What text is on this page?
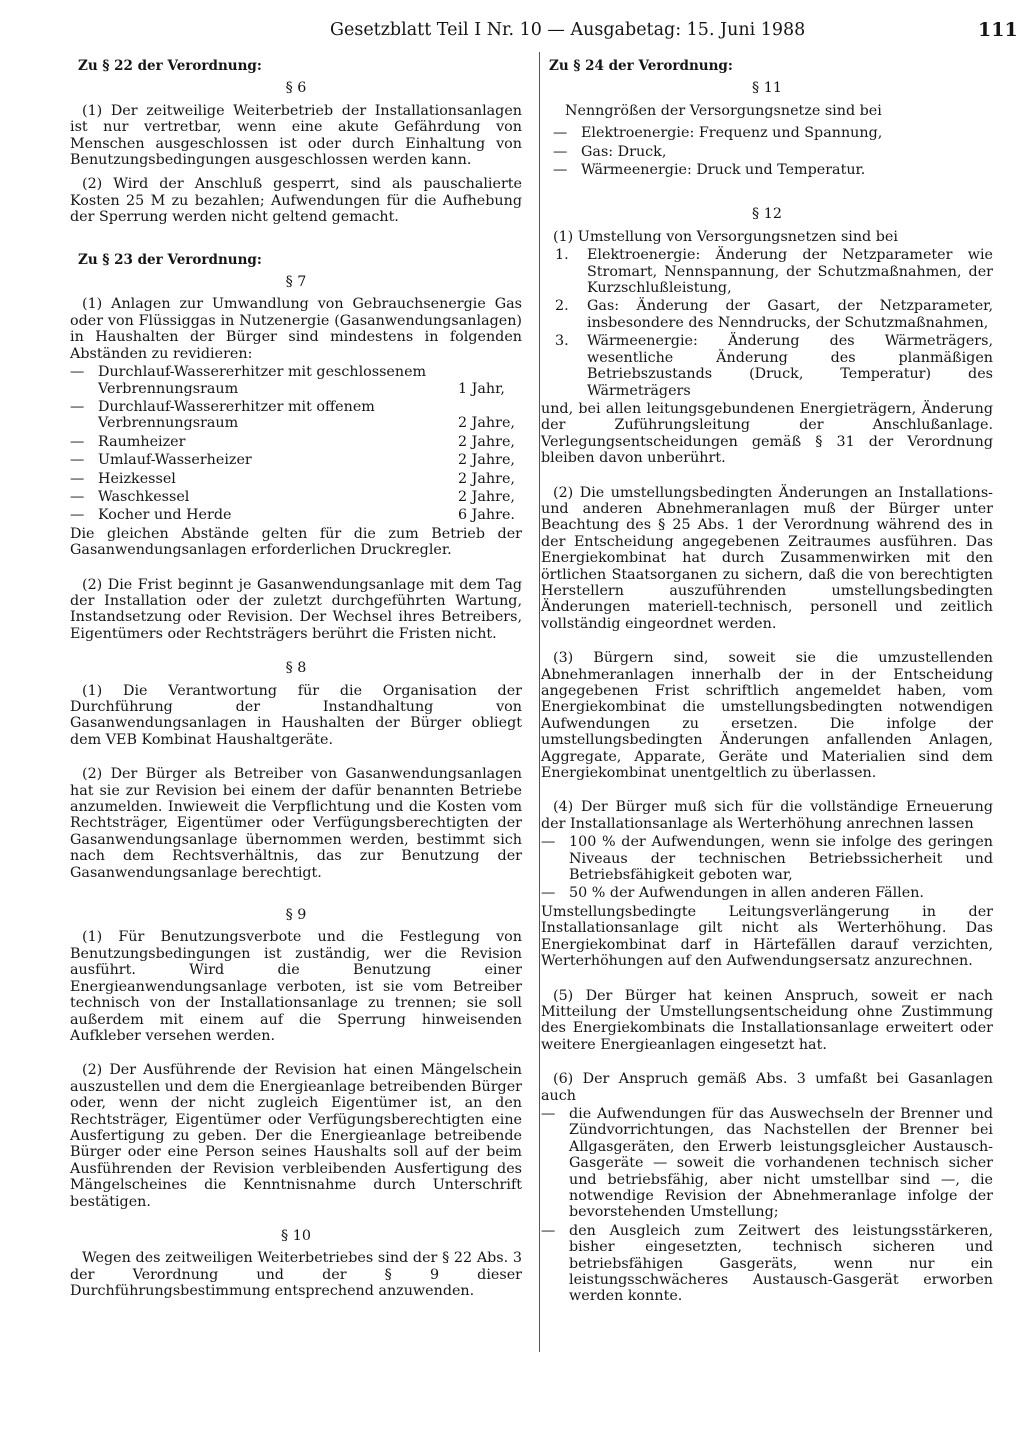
Gesetzblatt Teil I Nr. 10 — Ausgabetag: 15. Juni 1988	111
Zu § 22 der Verordnung:
§ 6

(1) Der zeitweilige Weiterbetrieb der Installationsanlagen ist nur vertretbar, wenn eine akute Gefährdung von Menschen ausgeschlossen ist oder durch Einhaltung von Benutzungsbedingungen ausgeschlossen werden kann.

(2) Wird der Anschluß gesperrt, sind als pauschalierte Kosten 25 M zu bezahlen; Aufwendungen für die Aufhebung der Sperrung werden nicht geltend gemacht.

Zu § 23 der Verordnung:
§ 7

(1) Anlagen zur Umwandlung von Gebrauchsenergie Gas oder von Flüssiggas in Nutzenergie (Gasanwendungsanlagen) in Haushalten der Bürger sind mindestens in folgenden Abständen zu revidieren:

— Durchlauf-Wassererhitzer mit geschlossenem Verbrennungsraum	1 Jahr,
— Durchlauf-Wassererhitzer mit offenem Verbrennungsraum	2 Jahre,
— Raumheizer	2 Jahre,
— Umlauf-Wasserheizer	2 Jahre,
— Heizkessel	2 Jahre,
— Waschkessel	2 Jahre,
— Kocher und Herde	6 Jahre.

Die gleichen Abstände gelten für die zum Betrieb der Gasanwendungsanlagen erforderlichen Druckregler.

(2) Die Frist beginnt je Gasanwendungsanlage mit dem Tag der Installation oder der zuletzt durchgeführten Wartung, Instandsetzung oder Revision. Der Wechsel ihres Betreibers, Eigentümers oder Rechtsträgers berührt die Fristen nicht.

§ 8

(1) Die Verantwortung für die Organisation der Durchführung der Instandhaltung von Gasanwendungsanlagen in Haushalten der Bürger obliegt dem VEB Kombinat Haushaltgeräte.

(2) Der Bürger als Betreiber von Gasanwendungsanlagen hat sie zur Revision bei einem der dafür benannten Betriebe anzumelden. Inwieweit die Verpflichtung und die Kosten vom Rechtsträger, Eigentümer oder Verfügungsberechtigten der Gasanwendungsanlage übernommen werden, bestimmt sich nach dem Rechtsverhältnis, das zur Benutzung der Gasanwendungsanlage berechtigt.

§ 9

(1) Für Benutzungsverbote und die Festlegung von Benutzungsbedingungen ist zuständig, wer die Revision ausführt. Wird die Benutzung einer Energieanwendungsanlage verboten, ist sie vom Betreiber technisch von der Installationsanlage zu trennen; sie soll außerdem mit einem auf die Sperrung hinweisenden Aufkleber versehen werden.

(2) Der Ausführende der Revision hat einen Mängelschein auszustellen und dem die Energieanlage betreibenden Bürger oder, wenn der nicht zugleich Eigentümer ist, an den Rechtsträger, Eigentümer oder Verfügungsberechtigten eine Ausfertigung zu geben. Der die Energieanlage betreibende Bürger oder eine Person seines Haushalts soll auf der beim Ausführenden der Revision verbleibenden Ausfertigung des Mängelscheines die Kenntnisnahme durch Unterschrift bestätigen.

§ 10

Wegen des zeitweiligen Weiterbetriebes sind der § 22 Abs. 3 der Verordnung und der § 9 dieser Durchführungsbestimmung entsprechend anzuwenden.

Zu § 24 der Verordnung:
§ 11

Nenngrößen der Versorgungsnetze sind bei

— Elektroenergie: Frequenz und Spannung,
— Gas: Druck,
— Wärmeenergie: Druck und Temperatur.
§ 12

(1) Umstellung von Versorgungsnetzen sind bei

1.	Elektroenergie: Änderung der Netzparameter wie Stromart, Nennspannung, der Schutzmaßnahmen, der Kurzschlußleistung,
2.	Gas: Änderung der Gasart, der Netzparameter, insbesondere des Nenndrucks, der Schutzmaßnahmen,
3.	Wärmeenergie: Änderung des Wärmeträgers, wesentliche Änderung des planmäßigen Betriebszustands (Druck, Temperatur) des Wärmeträgers

und, bei allen leitungsgebundenen Energieträgern, Änderung der Zuführungsleitung der Anschlußanlage. Verlegungsentscheidungen gemäß § 31 der Verordnung bleiben davon unberührt.

(2) Die umstellungsbedingten Änderungen an Installations- und anderen Abnehmeranlagen muß der Bürger unter Beachtung des § 25 Abs. 1 der Verordnung während des in der Entscheidung angegebenen Zeitraumes ausführen. Das Energiekombinat hat durch Zusammenwirken mit den örtlichen Staatsorganen zu sichern, daß die von berechtigten Herstellern auszuführenden umstellungsbedingten Änderungen materiell-technisch, personell und zeitlich vollständig eingeordnet werden.

(3) Bürgern sind, soweit sie die umzustellenden Abnehmeranlagen innerhalb der in der Entscheidung angegebenen Frist schriftlich angemeldet haben, vom Energiekombinat die umstellungsbedingten notwendigen Aufwendungen zu ersetzen. Die infolge der umstellungsbedingten Änderungen anfallenden Anlagen, Aggregate, Apparate, Geräte und Materialien sind dem Energiekombinat unentgeltlich zu überlassen.

(4) Der Bürger muß sich für die vollständige Erneuerung der Installationsanlage als Werterhöhung anrechnen lassen

— 100 % der Aufwendungen, wenn sie infolge des geringen Niveaus der technischen Betriebssicherheit und Betriebsfähigkeit geboten war,
— 50 % der Aufwendungen in allen anderen Fällen.

Umstellungsbedingte Leitungsverlängerung in der Installationsanlage gilt nicht als Werterhöhung. Das Energiekombinat darf in Härtefällen darauf verzichten, Werterhöhungen auf den Aufwendungsersatz anzurechnen.

(5) Der Bürger hat keinen Anspruch, soweit er nach Mitteilung der Umstellungsentscheidung ohne Zustimmung des Energiekombinats die Installationsanlage erweitert oder weitere Energieanlagen eingesetzt hat.

(6) Der Anspruch gemäß Abs. 3 umfaßt bei Gasanlagen auch

— die Aufwendungen für das Auswechseln der Brenner und Zündvorrichtungen, das Nachstellen der Brenner bei Allgasgeräten, den Erwerb leistungsgleicher Austausch-Gasgeräte — soweit die vorhandenen technisch sicher und betriebsfähig, aber nicht umstellbar sind —, die notwendige Revision der Abnehmeranlage infolge der bevorstehenden Umstellung;
— den Ausgleich zum Zeitwert des leistungsstärkeren, bisher eingesetzten, technisch sicheren und betriebsfähigen Gasgeräts, wenn nur ein leistungsschwächeres Austausch-Gasgerät erworben werden konnte.
